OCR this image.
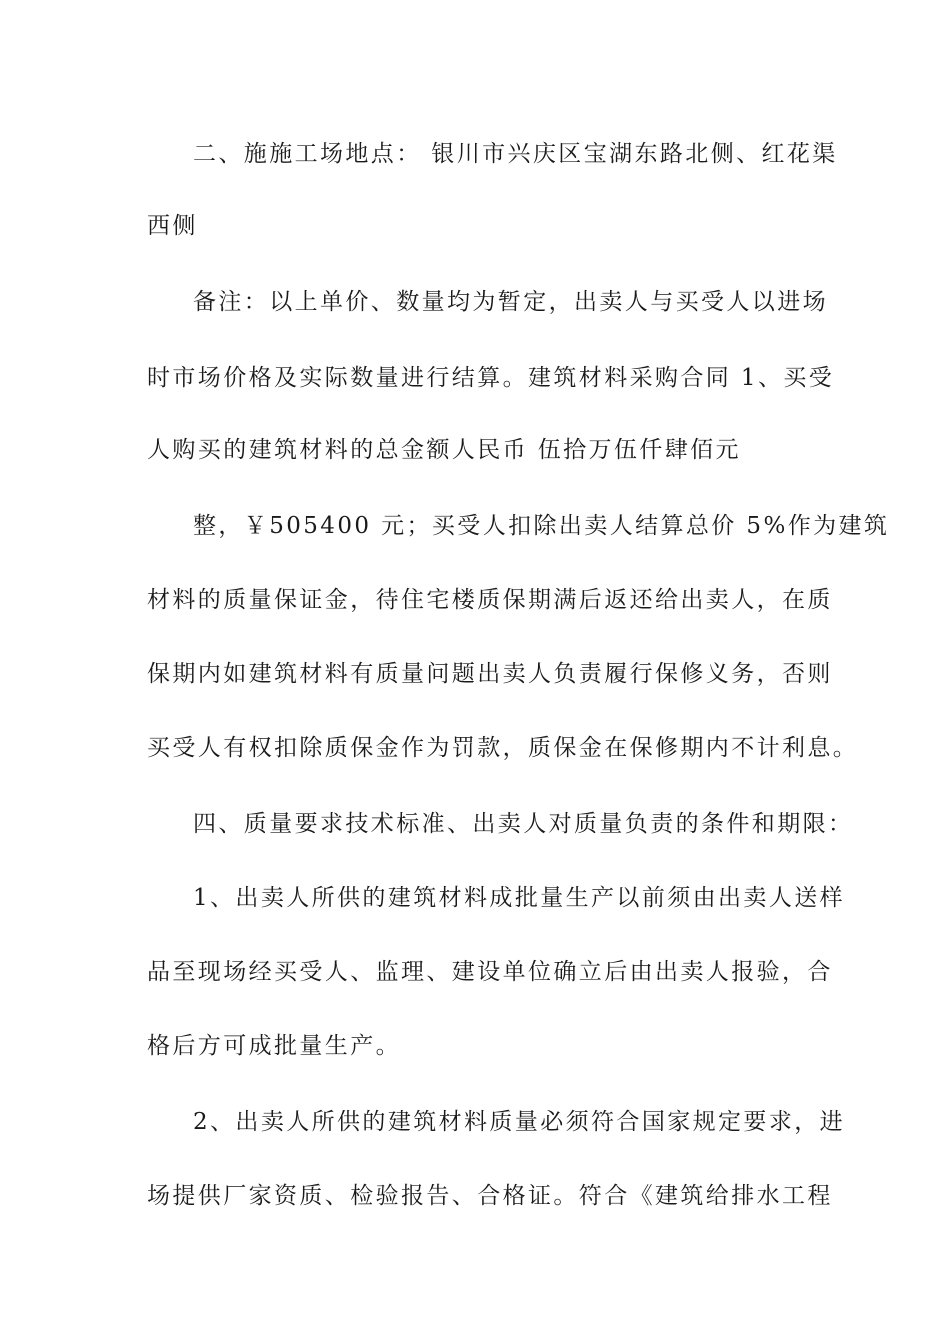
二、施施工场地点： 银川市兴庆区宝湖东路北侧、红花渠
西侧
备注：以上单价、数量均为暂定，出卖人与买受人以进场
时市场价格及实际数量进行结算。建筑材料采购合同 1、买受
人购买的建筑材料的总金额人民币 伍拾万伍仟肆佰元
整，￥505400 元；买受人扣除出卖人结算总价 5%作为建筑
材料的质量保证金，待住宅楼质保期满后返还给出卖人，在质
保期内如建筑材料有质量问题出卖人负责履行保修义务，否则
买受人有权扣除质保金作为罚款，质保金在保修期内不计利息。
四、质量要求技术标准、出卖人对质量负责的条件和期限：
1、出卖人所供的建筑材料成批量生产以前须由出卖人送样
品至现场经买受人、监理、建设单位确立后由出卖人报验，合
格后方可成批量生产。
2、出卖人所供的建筑材料质量必须符合国家规定要求，进
场提供厂家资质、检验报告、合格证。符合《建筑给排水工程
